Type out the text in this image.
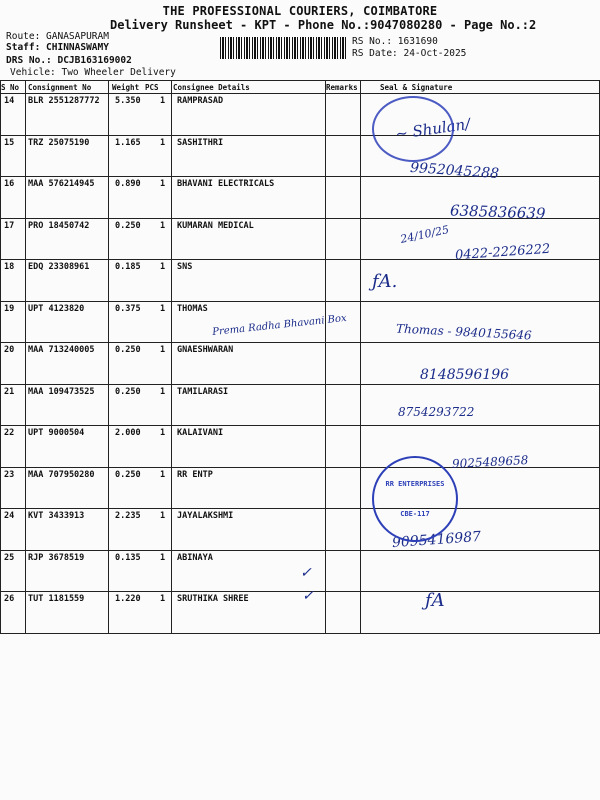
THE PROFESSIONAL COURIERS, COIMBATORE
Delivery Runsheet - KPT - Phone No.:9047080280 - Page No.:2
Route: GANASAPURAM
Staff: CHINNASWAMY
DRS No.: DCJB163169002
Vehicle: Two Wheeler Delivery
RS No.: 1631690
RS Date: 24-Oct-2025
S No Consignment No	Weight PCS Consignee Details	Remarks	Seal & Signature
14 BLR 2551287772 5.350 1 RAMPRASAD
15 TRZ 25075190	1.165 1 SASHITHRI
16 MAA 576214945 0.890 1 BHAVANI ELECTRICALS
17 PRO 18450742	0.250 1 KUMARAN MEDICAL
18 EDQ 23308961	0.185 1 SNS
19 UPT 4123820	0.375 1 THOMAS
20 MAA 713240005 0.250 1 GNAESHWARAN
21 MAA 109473525 0.250 1 TAMILARASI
22 UPT 9000504	2.000 1 KALAIVANI
23 MAA 707950280 0.250 1 RR ENTP
24 KVT 3433913	2.235 1 JAYALAKSHMI
25 RJP 3678519	0.135 1 ABINAYA
26 TUT 1181559	1.220 1 SRUTHIKA SHREE
~ Shulan/
9952045288
6385836639
24/10/25
0422-2226222
ƒA.
Prema Radha Bhavani Box	Thomas - 9840155646
8148596196
8754293722
9025489658
9095416987
✓
✓	ƒA
RR ENTERPRISES
CBE-117
